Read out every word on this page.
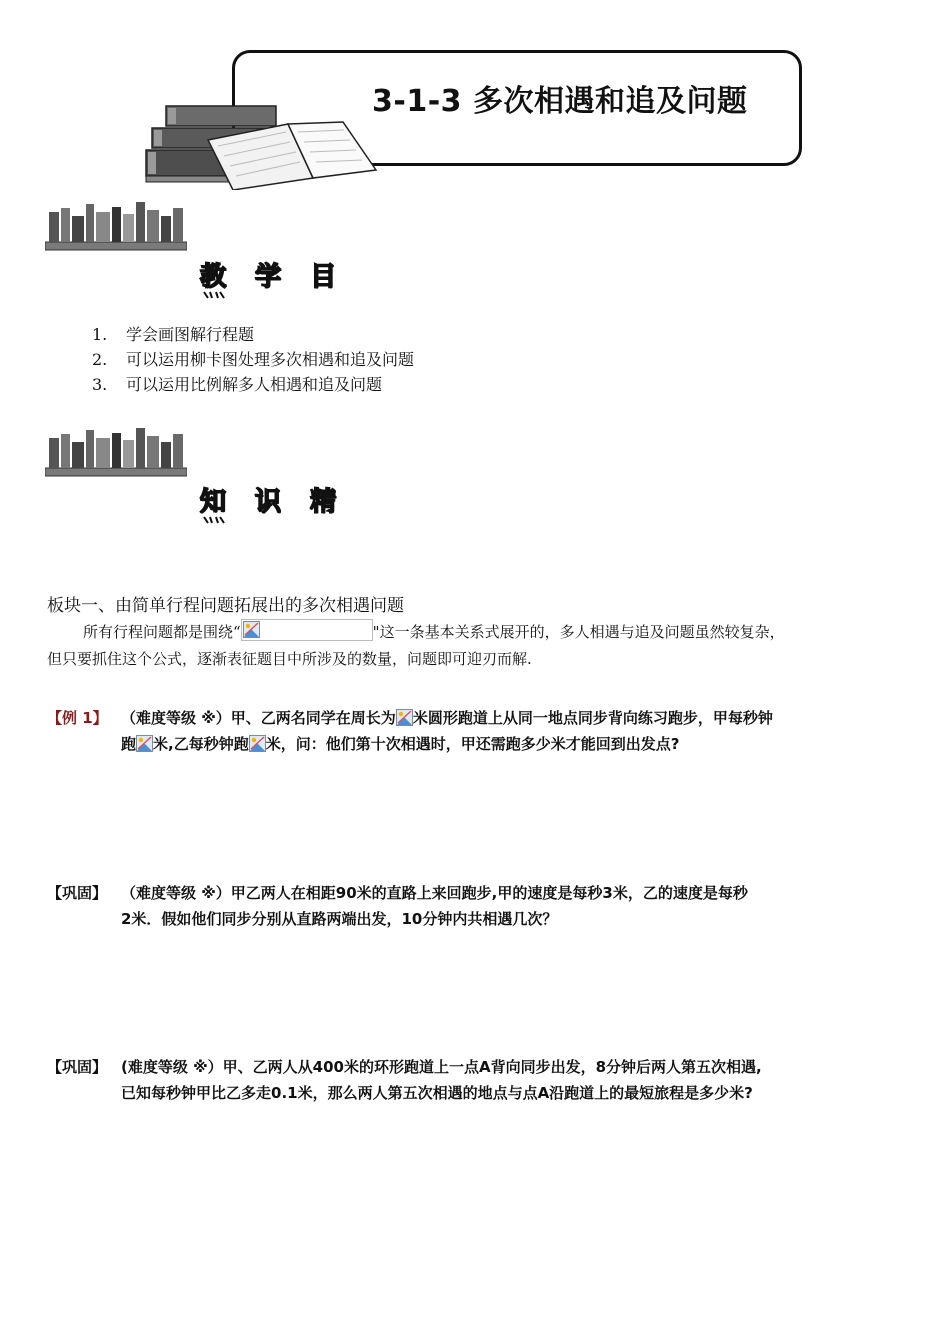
3-1-3 多次相遇和追及问题
教 学 目
1.	学会画图解行程题
2.	可以运用柳卡图处理多次相遇和追及问题
3.	可以运用比例解多人相遇和追及问题
知 识 精
板块一、由简单行程问题拓展出的多次相遇问题
所有行程问题都是围绕“	"这一条基本关系式展开的，多人相遇与追及问题虽然较复杂，
但只要抓住这个公式，逐渐表征题目中所涉及的数量，问题即可迎刃而解.
【例 1】 （难度等级 ※）甲、乙两名同学在周长为 米圆形跑道上从同一地点同步背向练习跑步，甲每秒钟
跑 米,乙每秒钟跑 米，问：他们第十次相遇时，甲还需跑多少米才能回到出发点?
【巩固】 （难度等级 ※）甲乙两人在相距90米的直路上来回跑步,甲的速度是每秒3米，乙的速度是每秒
2米．假如他们同步分别从直路两端出发，10分钟内共相遇几次？
【巩固】 (难度等级 ※）甲、乙两人从400米的环形跑道上一点A背向同步出发，8分钟后两人第五次相遇,
已知每秒钟甲比乙多走0.1米，那么两人第五次相遇的地点与点A沿跑道上的最短旅程是多少米?
